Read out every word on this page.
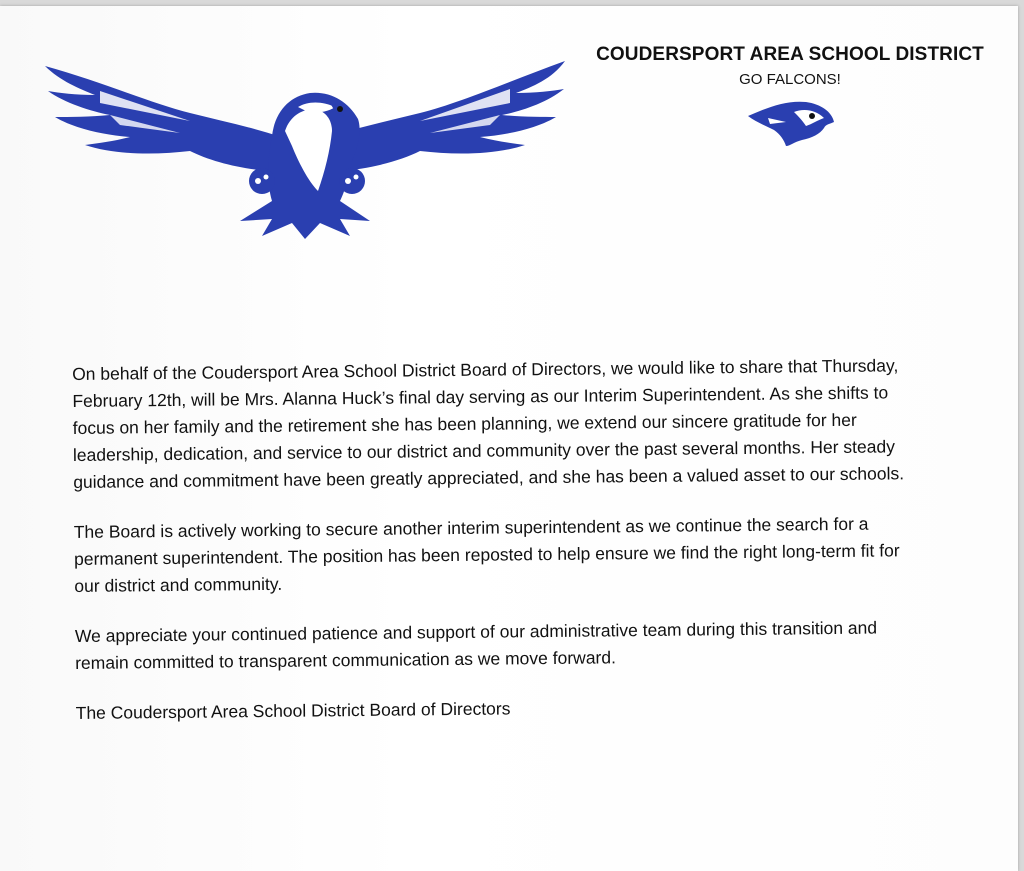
COUDERSPORT AREA SCHOOL DISTRICT

GO FALCONS!

On behalf of the Coudersport Area School District Board of Directors, we would like to share that Thursday, February 12th, will be Mrs. Alanna Huck’s final day serving as our Interim Superintendent. As she shifts to focus on her family and the retirement she has been planning, we extend our sincere gratitude for her leadership, dedication, and service to our district and community over the past several months. Her steady guidance and commitment have been greatly appreciated, and she has been a valued asset to our schools.

The Board is actively working to secure another interim superintendent as we continue the search for a permanent superintendent. The position has been reposted to help ensure we find the right long-term fit for our district and community.

We appreciate your continued patience and support of our administrative team during this transition and remain committed to transparent communication as we move forward.

The Coudersport Area School District Board of Directors
